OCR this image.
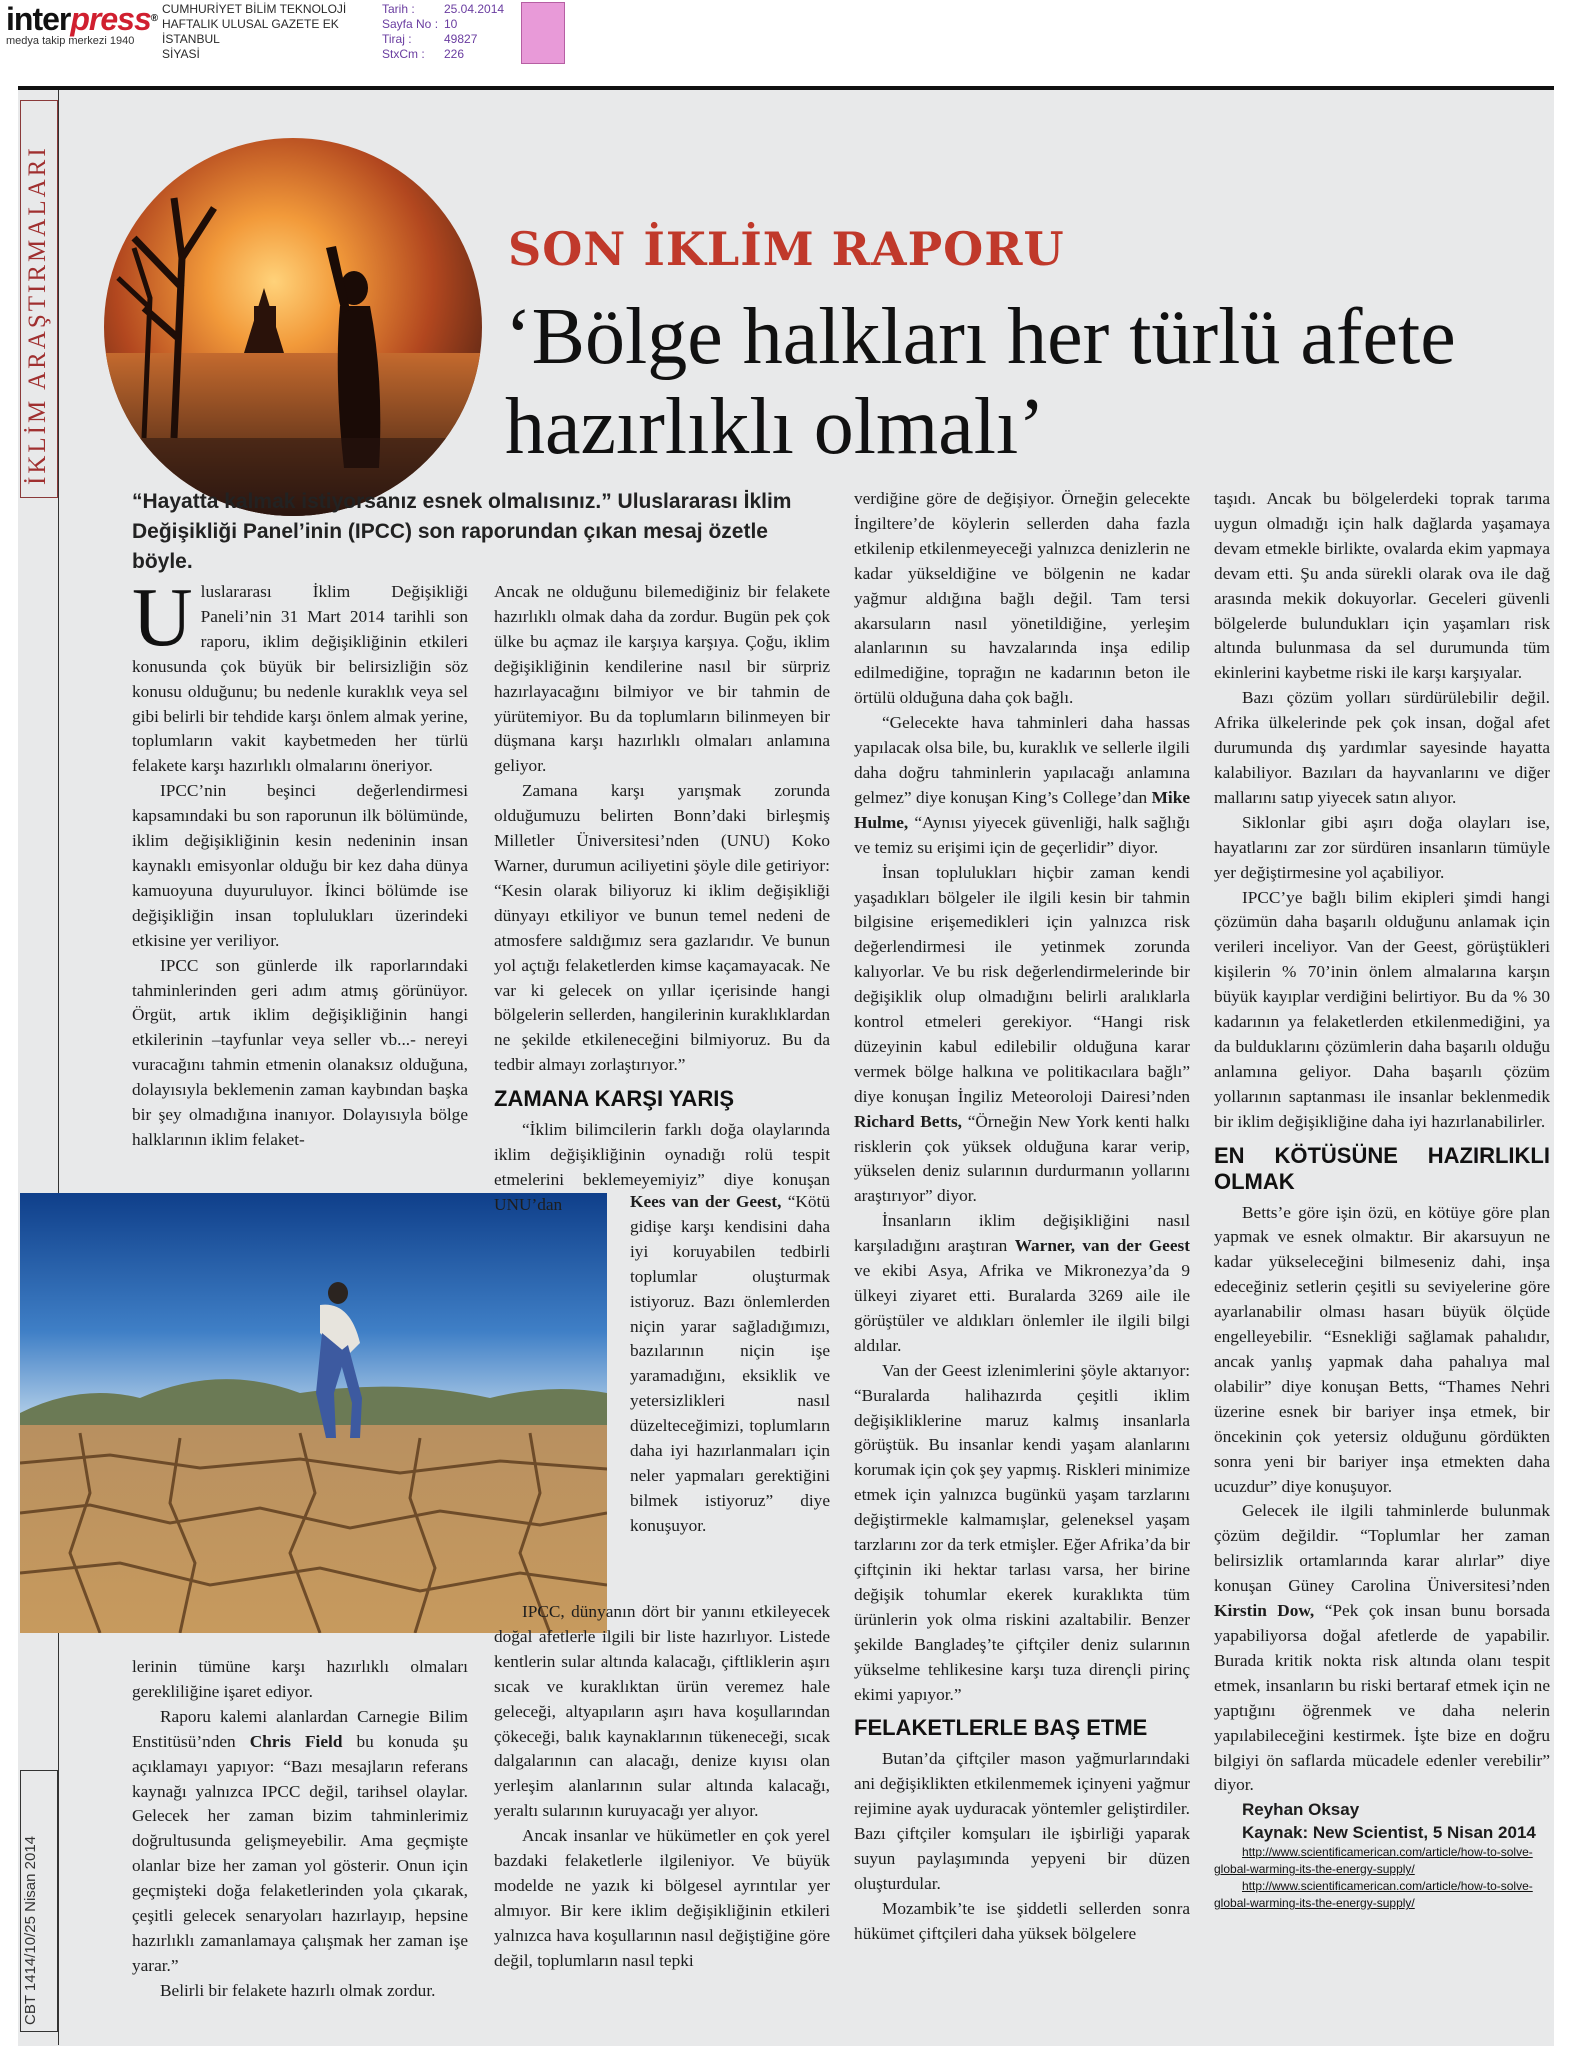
interpress®
medya takip merkezi 1940
CUMHURİYET BİLİM TEKNOLOJİ
HAFTALIK ULUSAL GAZETE EK
İSTANBUL
SİYASİ
Tarih :	25.04.2014
Sayfa No : 10
Tiraj :	49827
StxCm :	226
İKLİM ARAŞTIRMALARI
CBT 1414/10/25 Nisan 2014
SON İKLİM RAPORU
‘Bölge halkları her türlü afete hazırlıklı olmalı’
“Hayatta kalmak istiyorsanız esnek olmalısınız.” Uluslararası İklim Değişikliği Panel’inin (IPCC) son raporundan çıkan mesaj özetle böyle.

Uluslararası İklim Değişikliği Paneli’nin 31 Mart 2014 tarihli son raporu, iklim değişikliğinin etkileri konusunda çok büyük bir belirsizliğin söz konusu olduğunu; bu nedenle kuraklık veya sel gibi belirli bir tehdide karşı önlem almak yerine, toplumların vakit kaybetmeden her türlü felakete karşı hazırlıklı olmalarını öneriyor.

IPCC’nin beşinci değerlendirmesi kapsamındaki bu son raporunun ilk bölümünde, iklim değişikliğinin kesin nedeninin insan kaynaklı emisyonlar olduğu bir kez daha dünya kamuoyuna duyuruluyor. İkinci bölümde ise değişikliğin insan toplulukları üzerindeki etkisine yer veriliyor.

IPCC son günlerde ilk raporlarındaki tahminlerinden geri adım atmış görünüyor. Örgüt, artık iklim değişikliğinin hangi etkilerinin –tayfunlar veya seller vb...- nereyi vuracağını tahmin etmenin olanaksız olduğuna, dolayısıyla beklemenin zaman kaybından başka bir şey olmadığına inanıyor. Dolayısıyla bölge halklarının iklim felaket-

lerinin tümüne karşı hazırlıklı olmaları gerekliliğine işaret ediyor.

Raporu kalemi alanlardan Carnegie Bilim Enstitüsü’nden Chris Field bu konuda şu açıklamayı yapıyor: “Bazı mesajların referans kaynağı yalnızca IPCC değil, tarihsel olaylar. Gelecek her zaman bizim tahminlerimiz doğrultusunda gelişmeyebilir. Ama geçmişte olanlar bize her zaman yol gösterir. Onun için geçmişteki doğa felaketlerinden yola çıkarak, çeşitli gelecek senaryoları hazırlayıp, hepsine hazırlıklı zamanlamaya çalışmak her zaman işe yarar.”

Belirli bir felakete hazırlı olmak zordur.

Ancak ne olduğunu bilemediğiniz bir felakete hazırlıklı olmak daha da zordur. Bugün pek çok ülke bu açmaz ile karşıya karşıya. Çoğu, iklim değişikliğinin kendilerine nasıl bir sürpriz hazırlayacağını bilmiyor ve bir tahmin de yürütemiyor. Bu da toplumların bilinmeyen bir düşmana karşı hazırlıklı olmaları anlamına geliyor.

Zamana karşı yarışmak zorunda olduğumuzu belirten Bonn’daki birleşmiş Milletler Üniversitesi’nden (UNU) Koko Warner, durumun aciliyetini şöyle dile getiriyor: “Kesin olarak biliyoruz ki iklim değişikliği dünyayı etkiliyor ve bunun temel nedeni de atmosfere saldığımız sera gazlarıdır. Ve bunun yol açtığı felaketlerden kimse kaçamayacak. Ne var ki gelecek on yıllar içerisinde hangi bölgelerin sellerden, hangilerinin kuraklıklardan ne şekilde etkileneceğini bilmiyoruz. Bu da tedbir almayı zorlaştırıyor.”

ZAMANA KARŞI YARIŞ

“İklim bilimcilerin farklı doğa olaylarında iklim değişikliğinin oynadığı rolü tespit etmelerini beklemeyemiyiz” diye konuşan UNU’dan	Kees van der Geest, “Kötü gidişe karşı kendisini daha iyi koruyabilen tedbirli toplumlar oluşturmak istiyoruz. Bazı önlemlerden niçin yarar sağladığımızı, bazılarının niçin işe yaramadığını, eksiklik ve yetersizlikleri nasıl düzelteceğimizi, toplumların daha iyi hazırlanmaları için neler yapmaları gerektiğini bilmek istiyoruz” diye konuşuyor.

IPCC, dünyanın dört bir yanını etkileyecek doğal afetlerle ilgili bir liste hazırlıyor. Listede kentlerin sular altında kalacağı, çiftliklerin aşırı sıcak ve kuraklıktan ürün veremez hale geleceği, altyapıların aşırı hava koşullarından çökeceği, balık kaynaklarının tükeneceği, sıcak dalgalarının can alacağı, denize kıyısı olan yerleşim alanlarının sular altında kalacağı, yeraltı sularının kuruyacağı yer alıyor.

Ancak insanlar ve hükümetler en çok yerel bazdaki felaketlerle ilgileniyor. Ve büyük modelde ne yazık ki bölgesel ayrıntılar yer almıyor. Bir kere iklim değişikliğinin etkileri yalnızca hava koşullarının nasıl değiştiğine göre değil, toplumların nasıl tepki

verdiğine göre de değişiyor. Örneğin gelecekte İngiltere’de köylerin sellerden daha fazla etkilenip etkilenmeyeceği yalnızca denizlerin ne kadar yükseldiğine ve bölgenin ne kadar yağmur aldığına bağlı değil. Tam tersi akarsuların nasıl yönetildiğine, yerleşim alanlarının su havzalarında inşa edilip edilmediğine, toprağın ne kadarının beton ile örtülü olduğuna daha çok bağlı.

“Gelecekte hava tahminleri daha hassas yapılacak olsa bile, bu, kuraklık ve sellerle ilgili daha doğru tahminlerin yapılacağı anlamına gelmez” diye konuşan King’s College’dan Mike Hulme, “Aynısı yiyecek güvenliği, halk sağlığı ve temiz su erişimi için de geçerlidir” diyor.

İnsan toplulukları hiçbir zaman kendi yaşadıkları bölgeler ile ilgili kesin bir tahmin bilgisine erişemedikleri için yalnızca risk değerlendirmesi ile yetinmek zorunda kalıyorlar. Ve bu risk değerlendirmelerinde bir değişiklik olup olmadığını belirli aralıklarla kontrol etmeleri gerekiyor. “Hangi risk düzeyinin kabul edilebilir olduğuna karar vermek bölge halkına ve politikacılara bağlı” diye konuşan İngiliz Meteoroloji Dairesi’nden Richard Betts, “Örneğin New York kenti halkı risklerin çok yüksek olduğuna karar verip, yükselen deniz sularının durdurmanın yollarını araştırıyor” diyor.

İnsanların iklim değişikliğini nasıl karşıladığını araştıran Warner, van der Geest ve ekibi Asya, Afrika ve Mikronezya’da 9 ülkeyi ziyaret etti. Buralarda 3269 aile ile görüştüler ve aldıkları önlemler ile ilgili bilgi aldılar.

Van der Geest izlenimlerini şöyle aktarıyor: “Buralarda halihazırda çeşitli iklim değişikliklerine maruz kalmış insanlarla görüştük. Bu insanlar kendi yaşam alanlarını korumak için çok şey yapmış. Riskleri minimize etmek için yalnızca bugünkü yaşam tarzlarını değiştirmekle kalmamışlar, geleneksel yaşam tarzlarını zor da terk etmişler. Eğer Afrika’da bir çiftçinin iki hektar tarlası varsa, her birine değişik tohumlar ekerek kuraklıkta tüm ürünlerin yok olma riskini azaltabilir. Benzer şekilde Bangladeş’te çiftçiler deniz sularının yükselme tehlikesine karşı tuza dirençli pirinç ekimi yapıyor.”

FELAKETLERLE BAŞ ETME

Butan’da çiftçiler mason yağmurlarındaki ani değişiklikten etkilenmemek içinyeni yağmur rejimine ayak uyduracak yöntemler geliştirdiler. Bazı çiftçiler komşuları ile işbirliği yaparak suyun paylaşımında yepyeni bir düzen oluşturdular.

Mozambik’te ise şiddetli sellerden sonra hükümet çiftçileri daha yüksek bölgelere

taşıdı. Ancak bu bölgelerdeki toprak tarıma uygun olmadığı için halk dağlarda yaşamaya devam etmekle birlikte, ovalarda ekim yapmaya devam etti. Şu anda sürekli olarak ova ile dağ arasında mekik dokuyorlar. Geceleri güvenli bölgelerde bulundukları için yaşamları risk altında bulunmasa da sel durumunda tüm ekinlerini kaybetme riski ile karşı karşıyalar.

Bazı çözüm yolları sürdürülebilir değil. Afrika ülkelerinde pek çok insan, doğal afet durumunda dış yardımlar sayesinde hayatta kalabiliyor. Bazıları da hayvanlarını ve diğer mallarını satıp yiyecek satın alıyor.

Siklonlar gibi aşırı doğa olayları ise, hayatlarını zar zor sürdüren insanların tümüyle yer değiştirmesine yol açabiliyor.

IPCC’ye bağlı bilim ekipleri şimdi hangi çözümün daha başarılı olduğunu anlamak için verileri inceliyor. Van der Geest, görüştükleri kişilerin % 70’inin önlem almalarına karşın büyük kayıplar verdiğini belirtiyor. Bu da % 30 kadarının ya felaketlerden etkilenmediğini, ya da bulduklarını çözümlerin daha başarılı olduğu anlamına geliyor. Daha başarılı çözüm yollarının saptanması ile insanlar beklenmedik bir iklim değişikliğine daha iyi hazırlanabilirler.

EN KÖTÜSÜNE HAZIRLIKLI OLMAK

Betts’e göre işin özü, en kötüye göre plan yapmak ve esnek olmaktır. Bir akarsuyun ne kadar yükseleceğini bilmeseniz dahi, inşa edeceğiniz setlerin çeşitli su seviyelerine göre ayarlanabilir olması hasarı büyük ölçüde engelleyebilir. “Esnekliği sağlamak pahalıdır, ancak yanlış yapmak daha pahalıya mal olabilir” diye konuşan Betts, “Thames Nehri üzerine esnek bir bariyer inşa etmek, bir öncekinin çok yetersiz olduğunu gördükten sonra yeni bir bariyer inşa etmekten daha ucuzdur” diye konuşuyor.

Gelecek ile ilgili tahminlerde bulunmak çözüm değildir. “Toplumlar her zaman belirsizlik ortamlarında karar alırlar” diye konuşan Güney Carolina Üniversitesi’nden Kirstin Dow, “Pek çok insan bunu borsada yapabiliyorsa doğal afetlerde de yapabilir. Burada kritik nokta risk altında olanı tespit etmek, insanların bu riski bertaraf etmek için ne yaptığını öğrenmek ve daha nelerin yapılabileceğini kestirmek. İşte bize en doğru bilgiyi ön saflarda mücadele edenler verebilir” diyor.

Reyhan Oksay

Kaynak: New Scientist, 5 Nisan 2014

http://www.scientificamerican.com/article/how-to-solve-global-warming-its-the-energy-supply/

http://www.scientificamerican.com/article/how-to-solve-global-warming-its-the-energy-supply/
